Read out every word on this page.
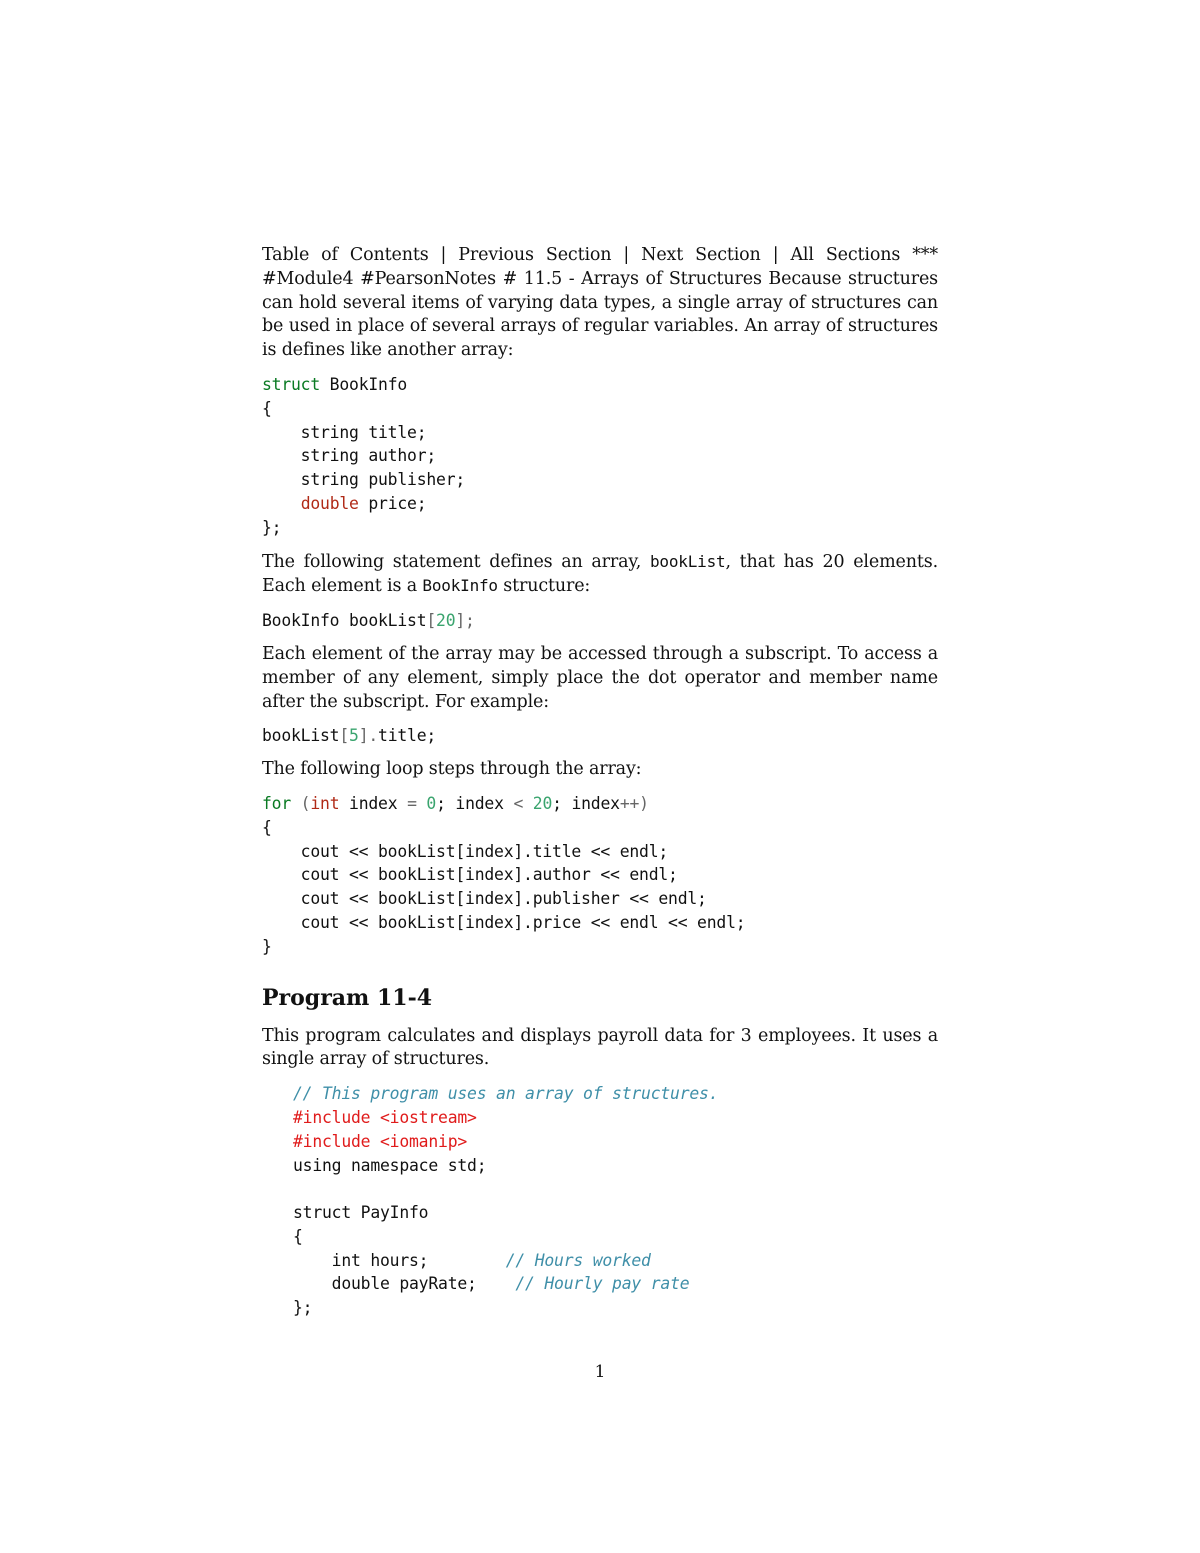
Table of Contents | Previous Section | Next Section | All Sections *** #Module4 #PearsonNotes # 11.5 - Arrays of Structures Because structures can hold several items of varying data types, a single array of structures can be used in place of several arrays of regular variables. An array of structures is defines like another array:

struct BookInfo
{
string title;
string author;
string publisher;
double price;
};

The following statement defines an array, bookList, that has 20 elements. Each element is a BookInfo structure:

BookInfo bookList[20];

Each element of the array may be accessed through a subscript. To access a member of any element, simply place the dot operator and member name after the subscript. For example:

bookList[5].title;

The following loop steps through the array:

for (int index = 0; index < 20; index++)
{
cout << bookList[index].title << endl;
cout << bookList[index].author << endl;
cout << bookList[index].publisher << endl;
cout << bookList[index].price << endl << endl;
}
Program 11-4

This program calculates and displays payroll data for 3 employees. It uses a single array of structures.

// This program uses an array of structures.
#include <iostream>
#include <iomanip>
using namespace std;

struct PayInfo
{
int hours;        // Hours worked
double payRate;    // Hourly pay rate
};
1
